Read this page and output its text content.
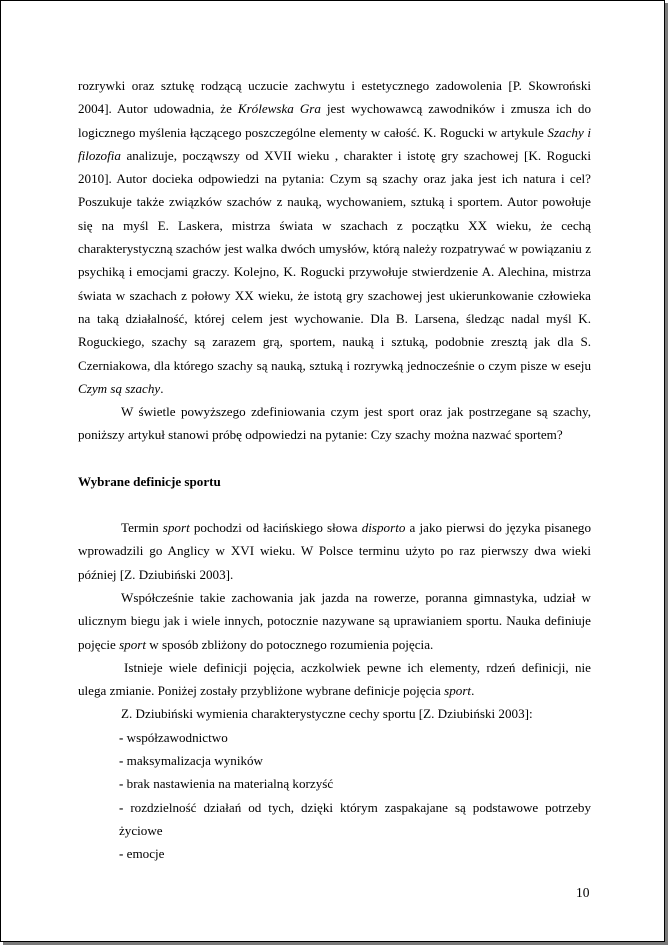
rozrywki oraz sztukę rodzącą uczucie zachwytu i estetycznego zadowolenia [P. Skowroński 2004]. Autor udowadnia, że Królewska Gra jest wychowawcą zawodników i zmusza ich do logicznego myślenia łączącego poszczególne elementy w całość. K. Rogucki w artykule Szachy i filozofia analizuje, począwszy od XVII wieku , charakter i istotę gry szachowej [K. Rogucki 2010]. Autor docieka odpowiedzi na pytania: Czym są szachy oraz jaka jest ich natura i cel? Poszukuje także związków szachów z nauką, wychowaniem, sztuką i sportem. Autor powołuje się na myśl E. Laskera, mistrza świata w szachach z początku XX wieku, że cechą charakterystyczną szachów jest walka dwóch umysłów, którą należy rozpatrywać w powiązaniu z psychiką i emocjami graczy. Kolejno, K. Rogucki przywołuje stwierdzenie A. Alechina, mistrza świata w szachach z połowy XX wieku, że istotą gry szachowej jest ukierunkowanie człowieka na taką działalność, której celem jest wychowanie. Dla B. Larsena, śledząc nadal myśl K. Roguckiego, szachy są zarazem grą, sportem, nauką i sztuką, podobnie zresztą jak dla S. Czerniakowa, dla którego szachy są nauką, sztuką i rozrywką jednocześnie o czym pisze w eseju Czym są szachy.

W świetle powyższego zdefiniowania czym jest sport oraz jak postrzegane są szachy, poniższy artykuł stanowi próbę odpowiedzi na pytanie: Czy szachy można nazwać sportem?

Wybrane definicje sportu

Termin sport pochodzi od łacińskiego słowa disporto a jako pierwsi do języka pisanego wprowadzili go Anglicy w XVI wieku. W Polsce terminu użyto po raz pierwszy dwa wieki później [Z. Dziubiński 2003].

Współcześnie takie zachowania jak jazda na rowerze, poranna gimnastyka, udział w ulicznym biegu jak i wiele innych, potocznie nazywane są uprawianiem sportu. Nauka definiuje pojęcie sport w sposób zbliżony do potocznego rozumienia pojęcia.

Istnieje wiele definicji pojęcia, aczkolwiek pewne ich elementy, rdzeń definicji, nie ulega zmianie. Poniżej zostały przybliżone wybrane definicje pojęcia sport.

Z. Dziubiński wymienia charakterystyczne cechy sportu [Z. Dziubiński 2003]:

- współzawodnictwo
- maksymalizacja wyników
- brak nastawienia na materialną korzyść
- rozdzielność działań od tych, dzięki którym zaspakajane są podstawowe potrzeby życiowe
- emocje
10
